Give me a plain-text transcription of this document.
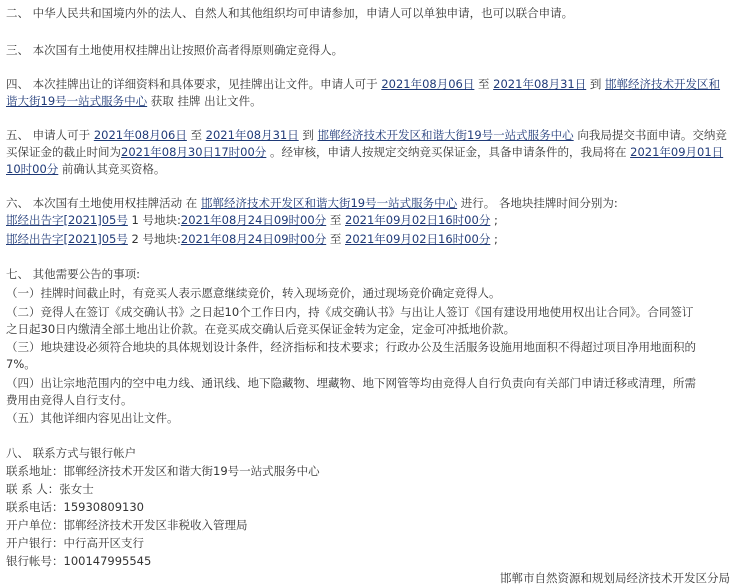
二、 中华人民共和国境内外的法人、自然人和其他组织均可申请参加，申请人可以单独申请，也可以联合申请。
三、 本次国有土地使用权挂牌出让按照价高者得原则确定竞得人。
四、 本次挂牌出让的详细资料和具体要求，见挂牌出让文件。申请人可于 2021年08月06日 至 2021年08月31日 到 邯郸经济技术开发区和
谐大街19号一站式服务中心 获取 挂牌 出让文件。
五、 申请人可于 2021年08月06日 至 2021年08月31日 到 邯郸经济技术开发区和谐大街19号一站式服务中心 向我局提交书面申请。交纳竞
买保证金的截止时间为2021年08月30日17时00分 。经审核，申请人按规定交纳竞买保证金，具备申请条件的，我局将在 2021年09月01日
10时00分 前确认其竞买资格。
六、 本次国有土地使用权挂牌活动 在 邯郸经济技术开发区和谐大街19号一站式服务中心 进行。 各地块挂牌时间分别为:
邯经出告字[2021]05号 1 号地块:2021年08月24日09时00分 至 2021年09月02日16时00分 ;
邯经出告字[2021]05号 2 号地块:2021年08月24日09时00分 至 2021年09月02日16时00分 ;
七、 其他需要公告的事项:
（一）挂牌时间截止时，有竞买人表示愿意继续竞价，转入现场竞价，通过现场竞价确定竞得人。
（二）竞得人在签订《成交确认书》之日起10个工作日内，持《成交确认书》与出让人签订《国有建设用地使用权出让合同》。合同签订
之日起30日内缴清全部土地出让价款。在竞买成交确认后竞买保证金转为定金，定金可冲抵地价款。
（三）地块建设必须符合地块的具体规划设计条件，经济指标和技术要求；行政办公及生活服务设施用地面积不得超过项目净用地面积的
7%。
（四）出让宗地范围内的空中电力线、通讯线、地下隐藏物、埋藏物、地下网管等均由竞得人自行负责向有关部门申请迁移或清理，所需
费用由竞得人自行支付。
（五）其他详细内容见出让文件。
八、 联系方式与银行帐户
联系地址：邯郸经济技术开发区和谐大街19号一站式服务中心
联 系 人：张女士
联系电话：15930809130
开户单位：邯郸经济技术开发区非税收入管理局
开户银行：中行高开区支行
银行帐号：100147995545
邯郸市自然资源和规划局经济技术开发区分局
